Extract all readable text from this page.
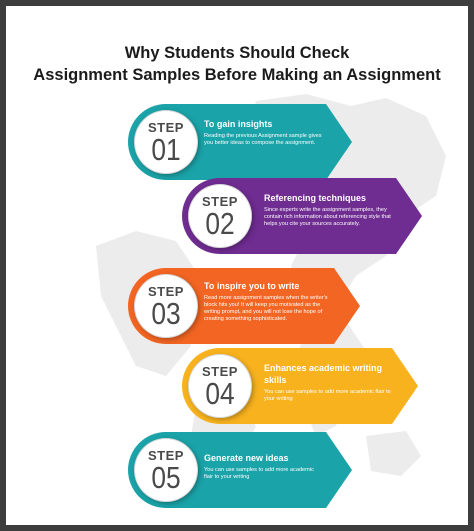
Why Students Should Check
Assignment Samples Before Making an Assignment
STEP
01
To gain insights
Reading the previous Assignment sample gives you better ideas to compose the assignment.
STEP
02
Referencing techniques
Since experts write the assignment samples, they contain rich information about referencing style that helps you cite your sources accurately.
STEP
03
To inspire you to write
Read more assignment samples when the writer's block hits you! It will keep you motivated as the writing prompt, and you will not lose the hope of creating something sophisticated.
STEP
04
Enhances academic writing skills
You can use samples to add more academic flair to your writing
STEP
05
Generate new ideas
You can use samples to add more academic flair to your writing
